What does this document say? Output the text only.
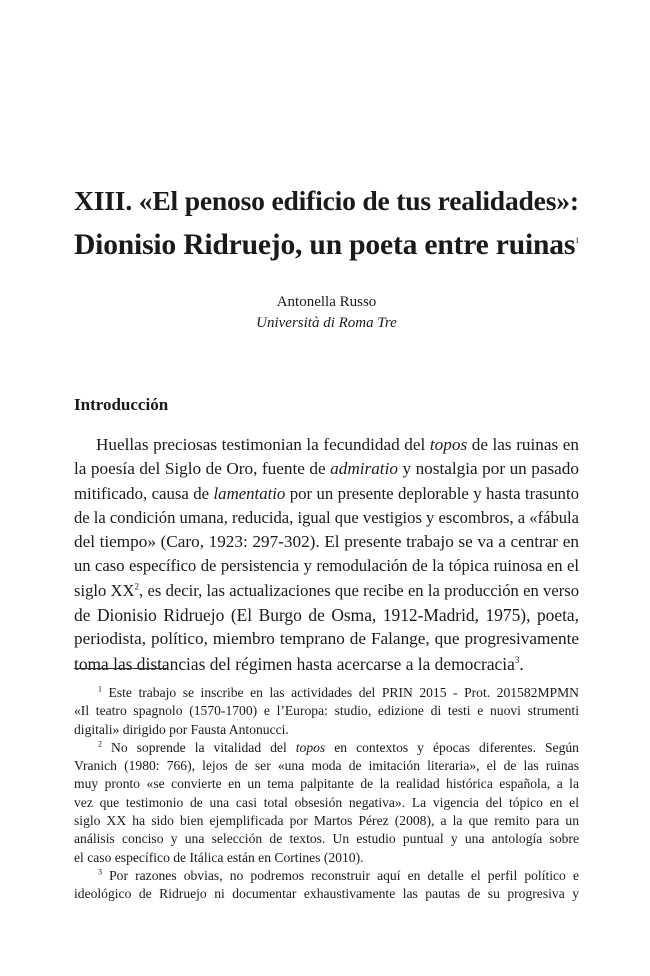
XIII. «El penoso edificio de tus realidades»:
Dionisio Ridruejo, un poeta entre ruinas$^1$
Antonella Russo
Università di Roma Tre
Introducción
Huellas preciosas testimonian la fecundidad del topos de las ruinas en
la poesía del Siglo de Oro, fuente de admiratio y nostalgia por un pasado
mitificado, causa de lamentatio por un presente deplorable y hasta trasunto
de la condición umana, reducida, igual que vestigios y escombros, a «fábula
del tiempo» (Caro, 1923: 297-302). El presente trabajo se va a centrar en
un caso específico de persistencia y remodulación de la tópica ruinosa en el
siglo XX$^2$, es decir, las actualizaciones que recibe en la producción en verso
de Dionisio Ridruejo (El Burgo de Osma, 1912-Madrid, 1975), poeta,
periodista, político, miembro temprano de Falange, que progresivamente
toma las distancias del régimen hasta acercarse a la democracia$^3$.
$^1$ Este trabajo se inscribe en las actividades del PRIN 2015 - Prot. 201582MPMN
«Il teatro spagnolo (1570-1700) e l’Europa: studio, edizione di testi e nuovi strumenti
digitali» dirigido por Fausta Antonucci.
$^2$ No soprende la vitalidad del topos en contextos y épocas diferentes. Según
Vranich (1980: 766), lejos de ser «una moda de imitación literaria», el de las ruinas
muy pronto «se convierte en un tema palpitante de la realidad histórica española, a la
vez que testimonio de una casi total obsesión negativa». La vigencia del tópico en el
siglo XX ha sido bien ejemplificada por Martos Pérez (2008), a la que remito para un
análisis conciso y una selección de textos. Un estudio puntual y una antología sobre
el caso específico de Itálica están en Cortines (2010).
$^3$ Por razones obvias, no podremos reconstruir aquí en detalle el perfil político e
ideológico de Ridruejo ni documentar exhaustivamente las pautas de su progresiva y
